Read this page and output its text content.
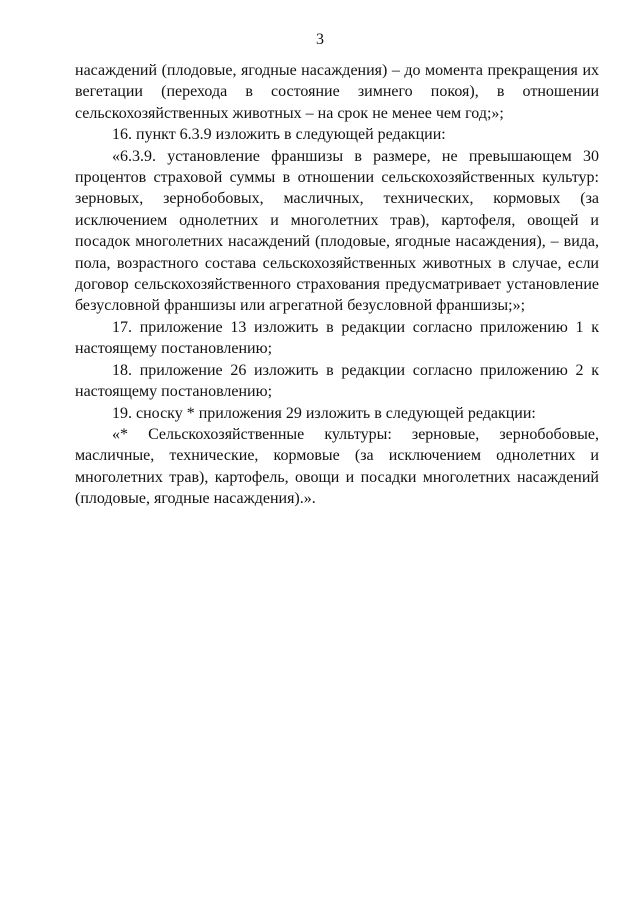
3

насаждений (плодовые, ягодные насаждения) – до момента прекращения их вегетации (перехода в состояние зимнего покоя), в отношении сельскохозяйственных животных – на срок не менее чем год;»;

16. пункт 6.3.9 изложить в следующей редакции:

«6.3.9. установление франшизы в размере, не превышающем 30 процентов страховой суммы в отношении сельскохозяйственных культур: зерновых, зернобобовых, масличных, технических, кормовых (за исключением однолетних и многолетних трав), картофеля, овощей и посадок многолетних насаждений (плодовые, ягодные насаждения), – вида, пола, возрастного состава сельскохозяйственных животных в случае, если договор сельскохозяйственного страхования предусматривает установление безусловной франшизы или агрегатной безусловной франшизы;»;

17. приложение 13 изложить в редакции согласно приложению 1 к настоящему постановлению;

18. приложение 26 изложить в редакции согласно приложению 2 к настоящему постановлению;

19. сноску * приложения 29 изложить в следующей редакции:

«* Сельскохозяйственные культуры: зерновые, зернобобовые, масличные, технические, кормовые (за исключением однолетних и многолетних трав), картофель, овощи и посадки многолетних насаждений (плодовые, ягодные насаждения).».
